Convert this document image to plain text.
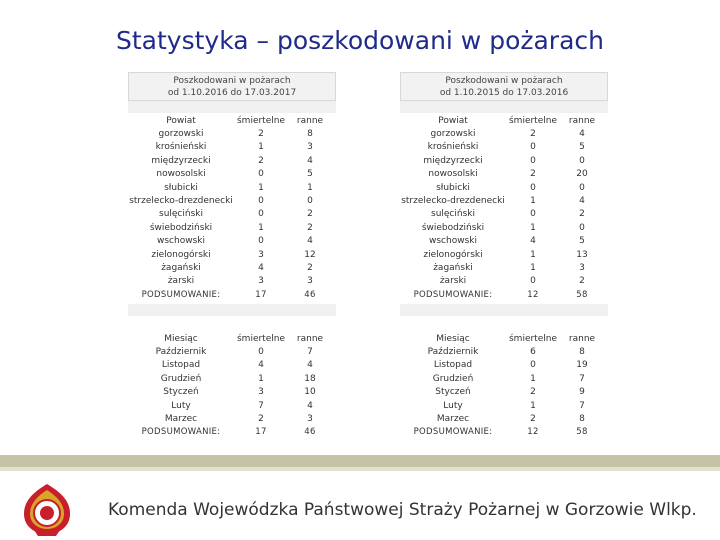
Statystyka – poszkodowani w pożarach
Poszkodowani w pożarach
od 1.10.2016 do 17.03.2017
Poszkodowani w pożarach
od 1.10.2015 do 17.03.2016
Powiat	śmiertelne	ranne
gorzowski	2	8
krośnieński	1	3
międzyrzecki	2	4
nowosolski	0	5
słubicki	1	1
strzelecko-drezdenecki	0	0
sulęciński	0	2
świebodziński	1	2
wschowski	0	4
zielonogórski	3	12
żagański	4	2
żarski	3	3
PODSUMOWANIE:	17	46
Powiat	śmiertelne	ranne
gorzowski	2	4
krośnieński	0	5
międzyrzecki	0	0
nowosolski	2	20
słubicki	0	0
strzelecko-drezdenecki	1	4
sulęciński	0	2
świebodziński	1	0
wschowski	4	5
zielonogórski	1	13
żagański	1	3
żarski	0	2
PODSUMOWANIE:	12	58
Miesiąc	śmiertelne	ranne
Październik	0	7
Listopad	4	4
Grudzień	1	18
Styczeń	3	10
Luty	7	4
Marzec	2	3
PODSUMOWANIE:	17	46
Miesiąc	śmiertelne	ranne
Październik	6	8
Listopad	0	19
Grudzień	1	7
Styczeń	2	9
Luty	1	7
Marzec	2	8
PODSUMOWANIE:	12	58
Komenda Wojewódzka Państwowej Straży Pożarnej w Gorzowie Wlkp.
